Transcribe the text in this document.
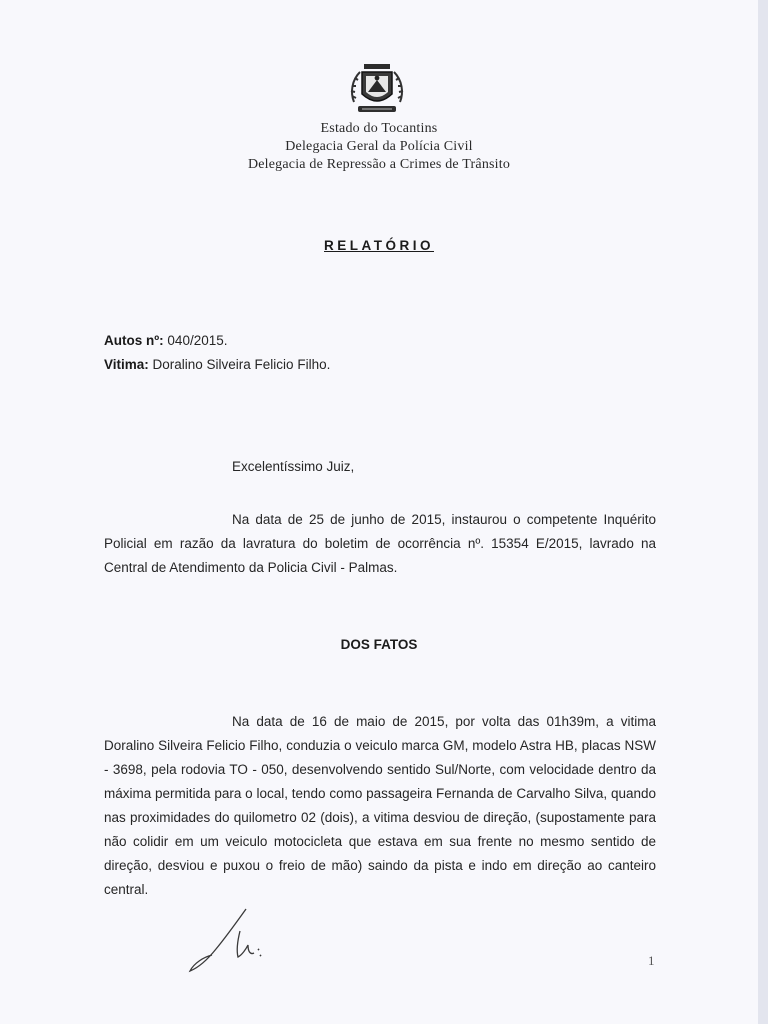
Estado do Tocantins
Delegacia Geral da Polícia Civil
Delegacia de Repressão a Crimes de Trânsito
RELATÓRIO
Autos nº: 040/2015.
Vitima: Doralino Silveira Felicio Filho.
Excelentíssimo Juiz,
Na data de 25 de junho de 2015, instaurou o competente Inquérito Policial em razão da lavratura do boletim de ocorrência nº. 15354 E/2015, lavrado na Central de Atendimento da Policia Civil - Palmas.
DOS FATOS
Na data de 16 de maio de 2015, por volta das 01h39m, a vitima Doralino Silveira Felicio Filho, conduzia o veiculo marca GM, modelo Astra HB, placas NSW - 3698, pela rodovia TO - 050, desenvolvendo sentido Sul/Norte, com velocidade dentro da máxima permitida para o local, tendo como passageira Fernanda de Carvalho Silva, quando nas proximidades do quilometro 02 (dois), a vitima desviou de direção, (supostamente para não colidir em um veiculo motocicleta que estava em sua frente no mesmo sentido de direção, desviou e puxou o freio de mão) saindo da pista e indo em direção ao canteiro central.
1
